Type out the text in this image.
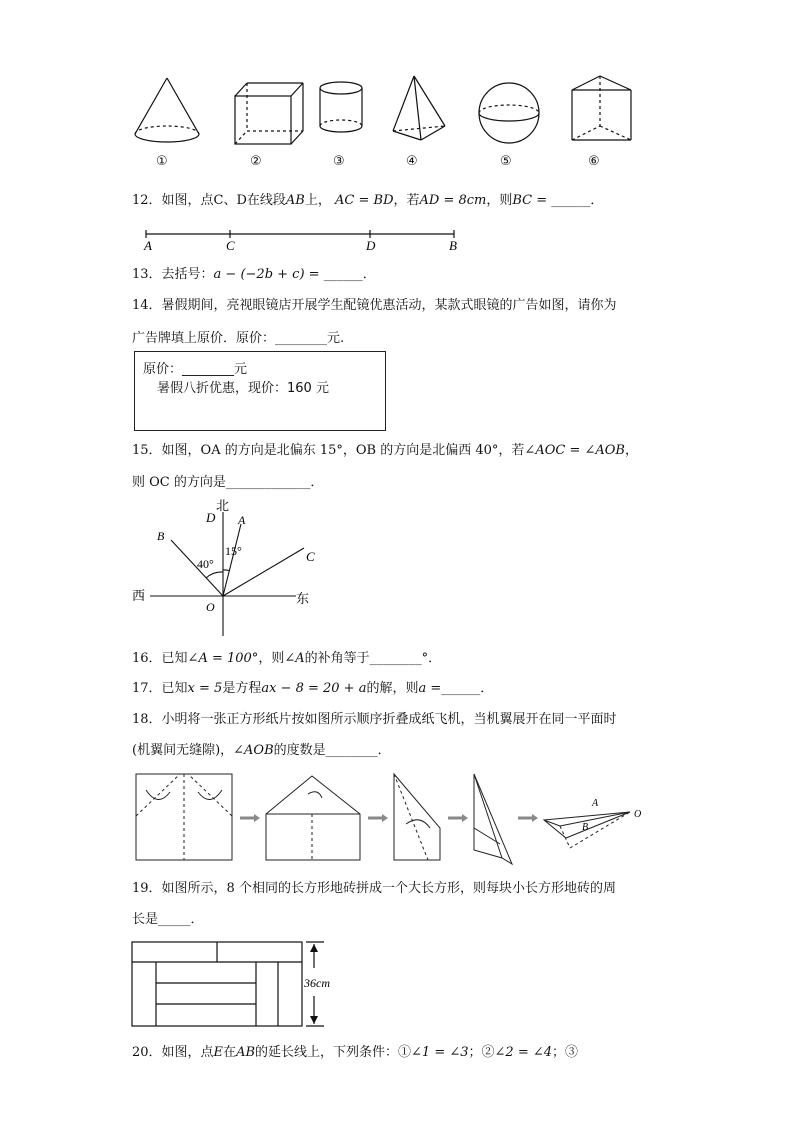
①	②	③	④	⑤	⑥
12．如图，点C、D在线段AB上， AC = BD，若AD = 8cm，则BC = ______．
A	C	D	B
13．去括号：a − (−2b + c) = ______．
14．暑假期间，亮视眼镜店开展学生配镜优惠活动，某款式眼镜的广告如图，请你为
广告牌填上原价．原价：________元.
原价：________元
暑假八折优惠，现价：160 元
15．如图，OA 的方向是北偏东 15°，OB 的方向是北偏西 40°，若∠AOC = ∠AOB，
则 OC 的方向是_____________．
西	东
北
D A
B
C
O
40°
15°
16．已知∠A = 100°，则∠A的补角等于________°．
17．已知x = 5是方程ax − 8 = 20 + a的解，则a =______．
18．小明将一张正方形纸片按如图所示顺序折叠成纸飞机，当机翼展开在同一平面时
(机翼间无缝隙)，∠AOB的度数是________．
A
B
O
19．如图所示，8 个相同的长方形地砖拼成一个大长方形，则每块小长方形地砖的周
长是_____．
36cm
20．如图，点E在AB的延长线上，下列条件：①∠1 = ∠3；②∠2 = ∠4；③
